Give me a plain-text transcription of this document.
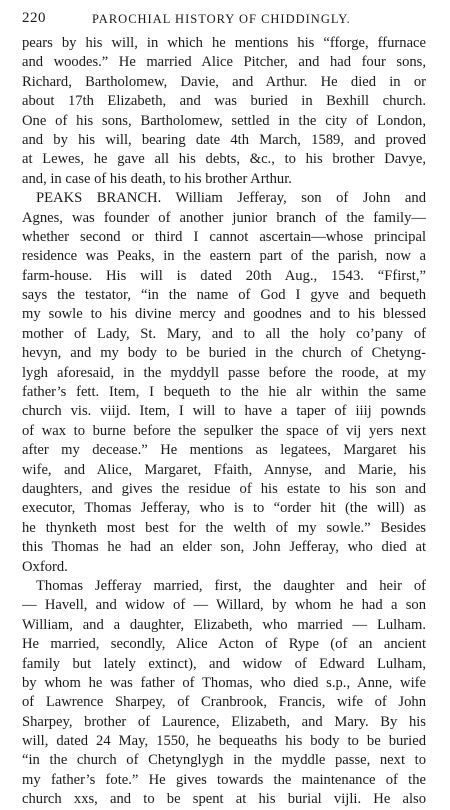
220	PAROCHIAL HISTORY OF CHIDDINGLY.
pears by his will, in which he mentions his “fforge, ffurnace
and woodes.” He married Alice Pitcher, and had four sons,
Richard, Bartholomew, Davie, and Arthur. He died in or
about 17th Elizabeth, and was buried in Bexhill church.
One of his sons, Bartholomew, settled in the city of London,
and by his will, bearing date 4th March, 1589, and proved
at Lewes, he gave all his debts, &c., to his brother Davye,
and, in case of his death, to his brother Arthur.
PEAKS BRANCH. William Jefferay, son of John and
Agnes, was founder of another junior branch of the family—
whether second or third I cannot ascertain—whose principal
residence was Peaks, in the eastern part of the parish, now a
farm-house. His will is dated 20th Aug., 1543. “Ffirst,”
says the testator, “in the name of God I gyve and bequeth
my sowle to his divine mercy and goodnes and to his blessed
mother of Lady, St. Mary, and to all the holy co’pany of
hevyn, and my body to be buried in the church of Chetyng-
lygh aforesaid, in the myddyll passe before the roode, at my
father’s fett. Item, I bequeth to the hie alr within the same
church vis. viijd. Item, I will to have a taper of iiij pownds
of wax to burne before the sepulker the space of vij yers next
after my decease.” He mentions as legatees, Margaret his
wife, and Alice, Margaret, Ffaith, Annyse, and Marie, his
daughters, and gives the residue of his estate to his son and
executor, Thomas Jefferay, who is to “order hit (the will) as
he thynketh most best for the welth of my sowle.” Besides
this Thomas he had an elder son, John Jefferay, who died at
Oxford.
Thomas Jefferay married, first, the daughter and heir of
— Havell, and widow of — Willard, by whom he had a son
William, and a daughter, Elizabeth, who married — Lulham.
He married, secondly, Alice Acton of Rype (of an ancient
family but lately extinct), and widow of Edward Lulham,
by whom he was father of Thomas, who died s.p., Anne, wife
of Lawrence Sharpey, of Cranbrook, Francis, wife of John
Sharpey, brother of Laurence, Elizabeth, and Mary. By his
will, dated 24 May, 1550, he bequeaths his body to be buried
“in the church of Chetynglygh in the myddle passe, next to
my father’s fote.” He gives towards the maintenance of the
church xxs, and to be spent at his burial vijli. He also
